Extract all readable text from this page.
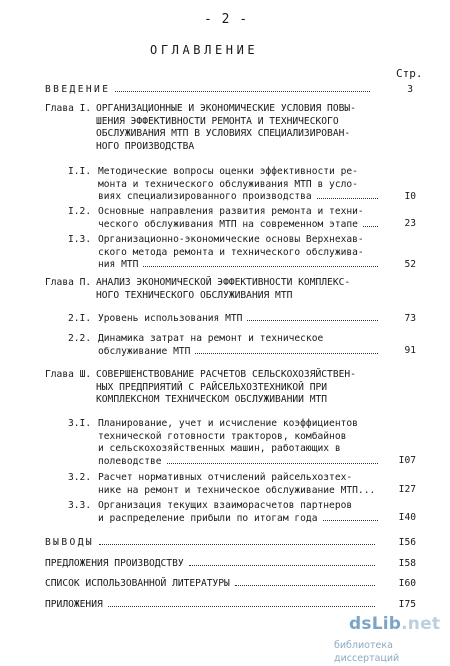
- 2 -
ОГЛАВЛЕНИЕ
Стр.
ВВЕДЕНИЕ	3
Глава I. ОРГАНИЗАЦИОННЫЕ И ЭКОНОМИЧЕСКИЕ УСЛОВИЯ ПОВЫ-
ШЕНИЯ ЭФФЕКТИВНОСТИ РЕМОНТА И ТЕХНИЧЕСКОГО
ОБСЛУЖИВАНИЯ МТП В УСЛОВИЯХ СПЕЦИАЛИЗИРОВАН-
НОГО ПРОИЗВОДСТВА
I.I. Методические вопросы оценки эффективности ре-
монта и технического обслуживания МТП в усло-
виях специализированного производства	I0
I.2. Основные направления развития ремонта и техни-
ческого обслуживания МТП на современном этапе	23
I.3. Организационно-экономические основы Верхнехав-
ского метода ремонта и технического обслужива-
ния МТП	52
Глава П. АНАЛИЗ ЭКОНОМИЧЕСКОЙ ЭФФЕКТИВНОСТИ КОМПЛЕКС-
НОГО ТЕХНИЧЕСКОГО ОБСЛУЖИВАНИЯ МТП
2.I. Уровень использования МТП	73
2.2. Динамика затрат на ремонт и техническое
обслуживание МТП	91
Глава Ш. СОВЕРШЕНСТВОВАНИЕ РАСЧЕТОВ СЕЛЬСКОХОЗЯЙСТВЕН-
НЫХ ПРЕДПРИЯТИЙ С РАЙСЕЛЬХОЗТЕХНИКОЙ ПРИ
КОМПЛЕКСНОМ ТЕХНИЧЕСКОМ ОБСЛУЖИВАНИИ МТП
3.I. Планирование, учет и исчисление коэффициентов
технической готовности тракторов, комбайнов
и сельскохозяйственных машин, работающих в
полеводстве	I07
3.2. Расчет нормативных отчислений райсельхозтех-
нике на ремонт и техническое обслуживание МТП...	I27
3.3. Организация текущих взаиморасчетов партнеров
и распределение прибыли по итогам года	I40
ВЫВОДЫ	I56
ПРЕДЛОЖЕНИЯ ПРОИЗВОДСТВУ	I58
СПИСОК ИСПОЛЬЗОВАННОЙ ЛИТЕРАТУРЫ	I60
ПРИЛОЖЕНИЯ	I75
dsLib.net
библиотека диссертаций
